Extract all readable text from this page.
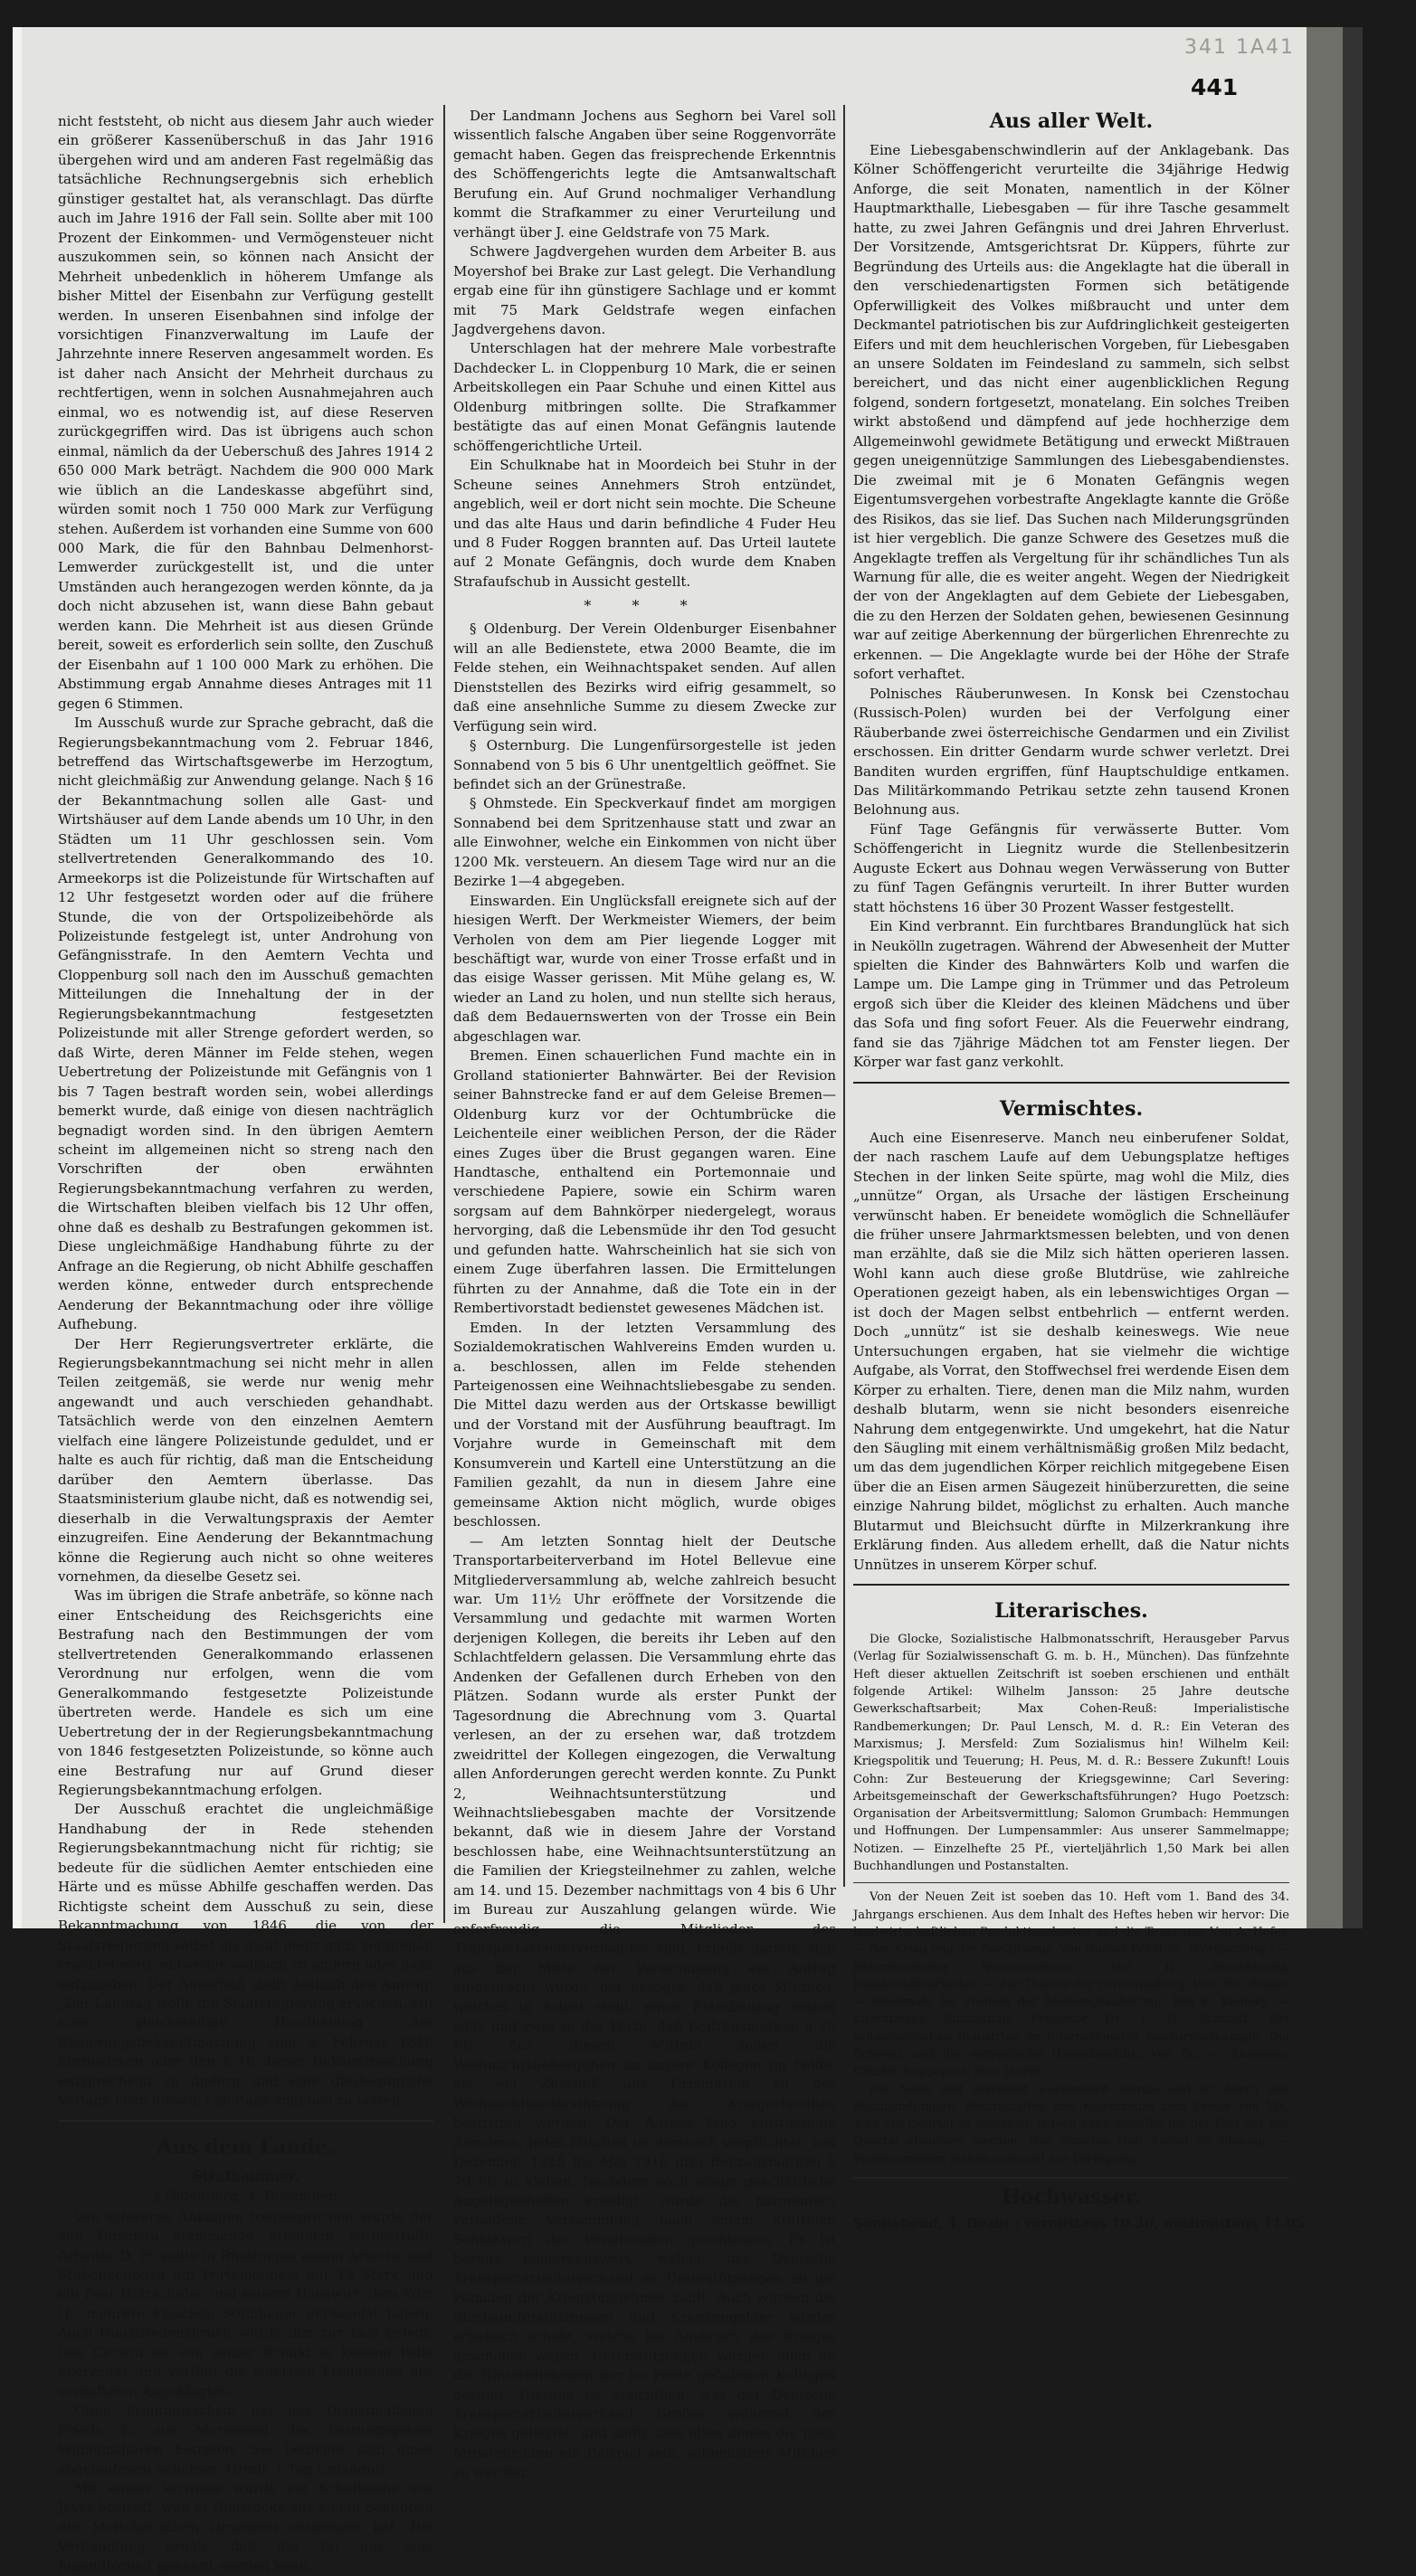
341 1A41
441

nicht feststeht, ob nicht aus diesem Jahr auch wieder ein größerer Kassenüberschuß in das Jahr 1916 übergehen wird und am anderen Fast regelmäßig das tatsächliche Rechnungsergebnis sich erheblich günstiger gestaltet hat, als veranschlagt. Das dürfte auch im Jahre 1916 der Fall sein. Sollte aber mit 100 Prozent der Einkommen- und Vermögensteuer nicht auszukommen sein, so können nach Ansicht der Mehrheit unbedenklich in höherem Umfange als bisher Mittel der Eisenbahn zur Verfügung gestellt werden. In unseren Eisenbahnen sind infolge der vorsichtigen Finanzverwaltung im Laufe der Jahrzehnte innere Reserven angesammelt worden. Es ist daher nach Ansicht der Mehrheit durchaus zu rechtfertigen, wenn in solchen Ausnahmejahren auch einmal, wo es notwendig ist, auf diese Reserven zurückgegriffen wird. Das ist übrigens auch schon einmal, nämlich da der Ueberschuß des Jahres 1914 2 650 000 Mark beträgt. Nachdem die 900 000 Mark wie üblich an die Landeskasse abgeführt sind, würden somit noch 1 750 000 Mark zur Verfügung stehen. Außerdem ist vorhanden eine Summe von 600 000 Mark, die für den Bahnbau Delmenhorst-Lemwerder zurückgestellt ist, und die unter Umständen auch herangezogen werden könnte, da ja doch nicht abzusehen ist, wann diese Bahn gebaut werden kann. Die Mehrheit ist aus diesen Gründe bereit, soweit es erforderlich sein sollte, den Zuschuß der Eisenbahn auf 1 100 000 Mark zu erhöhen. Die Abstimmung ergab Annahme dieses Antrages mit 11 gegen 6 Stimmen.

Im Ausschuß wurde zur Sprache gebracht, daß die Regierungsbekanntmachung vom 2. Februar 1846, betreffend das Wirtschaftsgewerbe im Herzogtum, nicht gleichmäßig zur Anwendung gelange. Nach § 16 der Bekanntmachung sollen alle Gast- und Wirtshäuser auf dem Lande abends um 10 Uhr, in den Städten um 11 Uhr geschlossen sein. Vom stellvertretenden Generalkommando des 10. Armeekorps ist die Polizeistunde für Wirtschaften auf 12 Uhr festgesetzt worden oder auf die frühere Stunde, die von der Ortspolizeibehörde als Polizeistunde festgelegt ist, unter Androhung von Gefängnisstrafe. In den Aemtern Vechta und Cloppenburg soll nach den im Ausschuß gemachten Mitteilungen die Innehaltung der in der Regierungsbekanntmachung festgesetzten Polizeistunde mit aller Strenge gefordert werden, so daß Wirte, deren Männer im Felde stehen, wegen Uebertretung der Polizeistunde mit Gefängnis von 1 bis 7 Tagen bestraft worden sein, wobei allerdings bemerkt wurde, daß einige von diesen nachträglich begnadigt worden sind. In den übrigen Aemtern scheint im allgemeinen nicht so streng nach den Vorschriften der oben erwähnten Regierungsbekanntmachung verfahren zu werden, die Wirtschaften bleiben vielfach bis 12 Uhr offen, ohne daß es deshalb zu Bestrafungen gekommen ist. Diese ungleichmäßige Handhabung führte zu der Anfrage an die Regierung, ob nicht Abhilfe geschaffen werden könne, entweder durch entsprechende Aenderung der Bekanntmachung oder ihre völlige Aufhebung.

Der Herr Regierungsvertreter erklärte, die Regierungsbekanntmachung sei nicht mehr in allen Teilen zeitgemäß, sie werde nur wenig mehr angewandt und auch verschieden gehandhabt. Tatsächlich werde von den einzelnen Aemtern vielfach eine längere Polizeistunde geduldet, und er halte es auch für richtig, daß man die Entscheidung darüber den Aemtern überlasse. Das Staatsministerium glaube nicht, daß es notwendig sei, dieserhalb in die Verwaltungspraxis der Aemter einzugreifen. Eine Aenderung der Bekanntmachung könne die Regierung auch nicht so ohne weiteres vornehmen, da dieselbe Gesetz sei.

Was im übrigen die Strafe anbeträfe, so könne nach einer Entscheidung des Reichsgerichts eine Bestrafung nach den Bestimmungen der vom stellvertretenden Generalkommando erlassenen Verordnung nur erfolgen, wenn die vom Generalkommando festgesetzte Polizeistunde übertreten werde. Handele es sich um eine Uebertretung der in der Regierungsbekanntmachung von 1846 festgesetzten Polizeistunde, so könne auch eine Bestrafung nur auf Grund dieser Regierungsbekanntmachung erfolgen.

Der Ausschuß erachtet die ungleichmäßige Handhabung der in Rede stehenden Regierungsbekanntmachung nicht für richtig; sie bedeute für die südlichen Aemter entschieden eine Härte und es müsse Abhilfe geschaffen werden. Das Richtigste scheint dem Ausschuß zu sein, diese Bekanntmachung von 1846, die von der Staatsregierung selbst als nicht mehr ganz zeitgemäß erachtet wird, entweder sogleich zu ändern oder ganz aufzuheben. Der Ausschuß stellt deshalb den Antrag: „Der Landtag wolle die Staatsregierung ersuchen, auf eine gleichmäßige Handhabung der Regierungsbekanntmachung vom 2. Februar 1846 hinzuwirken oder den § 16 dieser Bekanntmachung entsprechend zu ändern und eine diesbezügliche Vorlage noch diesem Landtage zugehen zu lassen.“

Aus dem Lande.
Strafkammer.
§ Oldenburg, 1. Dezember.

Von schweren Anklagen freigesprochen wurde der aus Dirschau stammende erheblich vorbestrafte Arbeiter D. Er sollte in Rüstringen einem Arbeits- und Stubenkollegen ein Portemonnaie mit 15 Mark und ein Paar Holzschuhe, und seinem Hauswirt, dem Wirt H., mehrere Flaschen Steinhäger entwendet haben. Auch Hausfriedensbruch wurde ihm zur Last gelegt. Das Gericht ist von seiner Schuld in keinem Falle überzeugt und verfügt die sofortige Freilassung des verhafteten Angeklagten.

Ohne Erlaubnisschein hat das Dienstmädchen Frieda K. aus Mariensiel das Festungsgebiet Wilhelmshaven betreten. Sie bediente sich eines abgelaufenen Scheines. Urteil: 1 Tag Gefängnis.

Mit einem Verweise wurde ein Schulknabe aus Jever bestraft, weil er Bleistücke aus einem Schuppen der Mettcker'schen Druckerei entwendet hat. Die Verhandlung ergab, daß die Tat nur eine Jugendtorheit genannt werden kann.

Der Landmann Jochens aus Seghorn bei Varel soll wissentlich falsche Angaben über seine Roggenvorräte gemacht haben. Gegen das freisprechende Erkenntnis des Schöffengerichts legte die Amtsanwaltschaft Berufung ein. Auf Grund nochmaliger Verhandlung kommt die Strafkammer zu einer Verurteilung und verhängt über J. eine Geldstrafe von 75 Mark.

Schwere Jagdvergehen wurden dem Arbeiter B. aus Moyershof bei Brake zur Last gelegt. Die Verhandlung ergab eine für ihn günstigere Sachlage und er kommt mit 75 Mark Geldstrafe wegen einfachen Jagdvergehens davon.

Unterschlagen hat der mehrere Male vorbestrafte Dachdecker L. in Cloppenburg 10 Mark, die er seinen Arbeitskollegen ein Paar Schuhe und einen Kittel aus Oldenburg mitbringen sollte. Die Strafkammer bestätigte das auf einen Monat Gefängnis lautende schöffengerichtliche Urteil.

Ein Schulknabe hat in Moordeich bei Stuhr in der Scheune seines Annehmers Stroh entzündet, angeblich, weil er dort nicht sein mochte. Die Scheune und das alte Haus und darin befindliche 4 Fuder Heu und 8 Fuder Roggen brannten auf. Das Urteil lautete auf 2 Monate Gefängnis, doch wurde dem Knaben Strafaufschub in Aussicht gestellt.

* * *

§ Oldenburg. Der Verein Oldenburger Eisenbahner will an alle Bedienstete, etwa 2000 Beamte, die im Felde stehen, ein Weihnachtspaket senden. Auf allen Dienststellen des Bezirks wird eifrig gesammelt, so daß eine ansehnliche Summe zu diesem Zwecke zur Verfügung sein wird.

§ Osternburg. Die Lungenfürsorgestelle ist jeden Sonnabend von 5 bis 6 Uhr unentgeltlich geöffnet. Sie befindet sich an der Grünestraße.

§ Ohmstede. Ein Speckverkauf findet am morgigen Sonnabend bei dem Spritzenhause statt und zwar an alle Einwohner, welche ein Einkommen von nicht über 1200 Mk. versteuern. An diesem Tage wird nur an die Bezirke 1—4 abgegeben.

Einswarden. Ein Unglücksfall ereignete sich auf der hiesigen Werft. Der Werkmeister Wiemers, der beim Verholen von dem am Pier liegende Logger mit beschäftigt war, wurde von einer Trosse erfaßt und in das eisige Wasser gerissen. Mit Mühe gelang es, W. wieder an Land zu holen, und nun stellte sich heraus, daß dem Bedauernswerten von der Trosse ein Bein abgeschlagen war.

Bremen. Einen schauerlichen Fund machte ein in Grolland stationierter Bahnwärter. Bei der Revision seiner Bahnstrecke fand er auf dem Geleise Bremen—Oldenburg kurz vor der Ochtumbrücke die Leichenteile einer weiblichen Person, der die Räder eines Zuges über die Brust gegangen waren. Eine Handtasche, enthaltend ein Portemonnaie und verschiedene Papiere, sowie ein Schirm waren sorgsam auf dem Bahnkörper niedergelegt, woraus hervorging, daß die Lebensmüde ihr den Tod gesucht und gefunden hatte. Wahrscheinlich hat sie sich von einem Zuge überfahren lassen. Die Ermittelungen führten zu der Annahme, daß die Tote ein in der Rembertivorstadt bedienstet gewesenes Mädchen ist.

Emden. In der letzten Versammlung des Sozialdemokratischen Wahlvereins Emden wurden u. a. beschlossen, allen im Felde stehenden Parteigenossen eine Weihnachtsliebesgabe zu senden. Die Mittel dazu werden aus der Ortskasse bewilligt und der Vorstand mit der Ausführung beauftragt. Im Vorjahre wurde in Gemeinschaft mit dem Konsumverein und Kartell eine Unterstützung an die Familien gezahlt, da nun in diesem Jahre eine gemeinsame Aktion nicht möglich, wurde obiges beschlossen.

— Am letzten Sonntag hielt der Deutsche Transportarbeiterverband im Hotel Bellevue eine Mitgliederversammlung ab, welche zahlreich besucht war. Um 11½ Uhr eröffnete der Vorsitzende die Versammlung und gedachte mit warmen Worten derjenigen Kollegen, die bereits ihr Leben auf den Schlachtfeldern gelassen. Die Versammlung ehrte das Andenken der Gefallenen durch Erheben von den Plätzen. Sodann wurde als erster Punkt der Tagesordnung die Abrechnung vom 3. Quartal verlesen, an der zu ersehen war, daß trotzdem zweidrittel der Kollegen eingezogen, die Verwaltung allen Anforderungen gerecht werden konnte. Zu Punkt 2, Weihnachtsunterstützung und Weihnachtsliebesgaben machte der Vorsitzende bekannt, daß wie in diesem Jahre der Vorstand beschlossen habe, eine Weihnachtsunterstützung an die Familien der Kriegsteilnehmer zu zahlen, welche am 14. und 15. Dezember nachmittags von 4 bis 6 Uhr im Bureau zur Auszahlung gelangen würde. Wie opferfreudig die Mitglieder des Transportarbeiterverbandes sind, erhellt daraus, daß aus der Mitte der Versammlung ein Antrag eingebracht wurde, der besagte, daß jedes Mitglied, welches in Arbeit steht, einen Extrabeitrag leisten solle und zwar in der Form, daß Beitragsmarken à 70 Pf. Aus diesen Mitteln sollen die Weihnachtsliebesgaben an unsere Kollegen im Felde, als ein Zuschuß aus Ortsmitteln zu der Weihnachtsunterstützung der Kriegerfamilien bestritten werden. Der Antrag fand einstimmige Annahme. Jedes Mitglied ist demnach verpflichtet, von Dezember 1915 bis Mai 1916 drei Beitragsmarken à 70 Pf. zu kleben. Nachdem noch einige geschäftliche Angelegenheiten erledigt, wurde die harmonisch verlaufene Versammlung nach einem kräftigen Schlußwort des Vorsitzenden geschlossen. Es ist bereits bemerkenswert, welche der Deutsche Transportarbeiterverband an Unterstützungen an die Familien der Kriegsteilnehmer zahlt. Auch wurden die Sterbeunterstützungen und Krankengelder wieder erheblich erhöht, welche bis Ausbruch des Krieges geschoben waren. Unterstützungen wurden auch an die Hinterbliebenen der im Felde gefallenen Kollegen gezahlt. Hieraus ist ersichtlich, was der Deutsche Transportarbeiterverband Großes während des Krieges geleistet, und sollte dies allen denen die noch fernstehenden ein Beispiel sein, schnellstens Mitglied zu werden.

Aus aller Welt.

Eine Liebesgabenschwindlerin auf der Anklagebank. Das Kölner Schöffengericht verurteilte die 34jährige Hedwig Anforge, die seit Monaten, namentlich in der Kölner Hauptmarkthalle, Liebesgaben — für ihre Tasche gesammelt hatte, zu zwei Jahren Gefängnis und drei Jahren Ehrverlust. Der Vorsitzende, Amtsgerichtsrat Dr. Küppers, führte zur Begründung des Urteils aus: die Angeklagte hat die überall in den verschiedenartigsten Formen sich betätigende Opferwilligkeit des Volkes mißbraucht und unter dem Deckmantel patriotischen bis zur Aufdringlichkeit gesteigerten Eifers und mit dem heuchlerischen Vorgeben, für Liebesgaben an unsere Soldaten im Feindesland zu sammeln, sich selbst bereichert, und das nicht einer augenblicklichen Regung folgend, sondern fortgesetzt, monatelang. Ein solches Treiben wirkt abstoßend und dämpfend auf jede hochherzige dem Allgemeinwohl gewidmete Betätigung und erweckt Mißtrauen gegen uneigennützige Sammlungen des Liebesgabendienstes. Die zweimal mit je 6 Monaten Gefängnis wegen Eigentumsvergehen vorbestrafte Angeklagte kannte die Größe des Risikos, das sie lief. Das Suchen nach Milderungsgründen ist hier vergeblich. Die ganze Schwere des Gesetzes muß die Angeklagte treffen als Vergeltung für ihr schändliches Tun als Warnung für alle, die es weiter angeht. Wegen der Niedrigkeit der von der Angeklagten auf dem Gebiete der Liebesgaben, die zu den Herzen der Soldaten gehen, bewiesenen Gesinnung war auf zeitige Aberkennung der bürgerlichen Ehrenrechte zu erkennen. — Die Angeklagte wurde bei der Höhe der Strafe sofort verhaftet.

Polnisches Räuberunwesen. In Konsk bei Czenstochau (Russisch-Polen) wurden bei der Verfolgung einer Räuberbande zwei österreichische Gendarmen und ein Zivilist erschossen. Ein dritter Gendarm wurde schwer verletzt. Drei Banditen wurden ergriffen, fünf Hauptschuldige entkamen. Das Militärkommando Petrikau setzte zehn tausend Kronen Belohnung aus.

Fünf Tage Gefängnis für verwässerte Butter. Vom Schöffengericht in Liegnitz wurde die Stellenbesitzerin Auguste Eckert aus Dohnau wegen Verwässerung von Butter zu fünf Tagen Gefängnis verurteilt. In ihrer Butter wurden statt höchstens 16 über 30 Prozent Wasser festgestellt.

Ein Kind verbrannt. Ein furchtbares Brandunglück hat sich in Neukölln zugetragen. Während der Abwesenheit der Mutter spielten die Kinder des Bahnwärters Kolb und warfen die Lampe um. Die Lampe ging in Trümmer und das Petroleum ergoß sich über die Kleider des kleinen Mädchens und über das Sofa und fing sofort Feuer. Als die Feuerwehr eindrang, fand sie das 7jährige Mädchen tot am Fenster liegen. Der Körper war fast ganz verkohlt.

Vermischtes.

Auch eine Eisenreserve. Manch neu einberufener Soldat, der nach raschem Laufe auf dem Uebungsplatze heftiges Stechen in der linken Seite spürte, mag wohl die Milz, dies „unnütze“ Organ, als Ursache der lästigen Erscheinung verwünscht haben. Er beneidete womöglich die Schnelläufer die früher unsere Jahrmarktsmessen belebten, und von denen man erzählte, daß sie die Milz sich hätten operieren lassen. Wohl kann auch diese große Blutdrüse, wie zahlreiche Operationen gezeigt haben, als ein lebenswichtiges Organ — ist doch der Magen selbst entbehrlich — entfernt werden. Doch „unnütz“ ist sie deshalb keineswegs. Wie neue Untersuchungen ergaben, hat sie vielmehr die wichtige Aufgabe, als Vorrat, den Stoffwechsel frei werdende Eisen dem Körper zu erhalten. Tiere, denen man die Milz nahm, wurden deshalb blutarm, wenn sie nicht besonders eisenreiche Nahrung dem entgegenwirkte. Und umgekehrt, hat die Natur den Säugling mit einem verhältnismäßig großen Milz bedacht, um das dem jugendlichen Körper reichlich mitgegebene Eisen über die an Eisen armen Säugezeit hinüberzuretten, die seine einzige Nahrung bildet, möglichst zu erhalten. Auch manche Blutarmut und Bleichsucht dürfte in Milzerkrankung ihre Erklärung finden. Aus alledem erhellt, daß die Natur nichts Unnützes in unserem Körper schuf.

Literarisches.

Die Glocke, Sozialistische Halbmonatsschrift, Herausgeber Parvus (Verlag für Sozialwissenschaft G. m. b. H., München). Das fünfzehnte Heft dieser aktuellen Zeitschrift ist soeben erschienen und enthält folgende Artikel: Wilhelm Jansson: 25 Jahre deutsche Gewerkschaftsarbeit; Max Cohen-Reuß: Imperialistische Randbemerkungen; Dr. Paul Lensch, M. d. R.: Ein Veteran des Marxismus; J. Mersfeld: Zum Sozialismus hin! Wilhelm Keil: Kriegspolitik und Teuerung; H. Peus, M. d. R.: Bessere Zukunft! Louis Cohn: Zur Besteuerung der Kriegsgewinne; Carl Severing: Arbeitsgemeinschaft der Gewerkschaftsführungen? Hugo Poetzsch: Organisation der Arbeitsvermittlung; Salomon Grumbach: Hemmungen und Hoffnungen. Der Lumpensammler: Aus unserer Sammelmappe; Notizen. — Einzelhefte 25 Pf., vierteljährlich 1,50 Mark bei allen Buchhandlungen und Postanstalten.

Von der Neuen Zeit ist soeben das 10. Heft vom 1. Band des 34. Jahrgangs erschienen. Aus dem Inhalt des Heftes heben wir hervor: Die landwirtschaftlichen Produktionskosten und die Teuerung. Von A. Hofer. — Der Krieg und der Sozialismus. Von Gustav Eckstein. (Fortsetzung.) — Reformistischer Neusozialismus. Von H. Beyschwang, Handelshilfsarbeiter. — Zur Theorie der Parteispaltung. Von Otto Braun. — Nochmals die Freiheit der Meinungsäußerung. Von K. Kautsky. — Literarische Rundschau: Professor Dr. P. H. Schmidt, Die schweizerischen Industrien im internationalen Konkurrenzkampfe. Die Schweiz und die europäische Handelspolitik. Von Sp. — Anzeigen: Charles Rappoport, Jean Jaurès.

Die Neue Zeit erscheint wöchentlich einmal und ist durch alle Buchhandlungen, Postanstalten und Kolporteure zum Preise von Mk. 3,25 pro Quartal zu beziehen; jedoch kann dieselbe bei der Post nur pro Quartal abonniert werden. Das einzelne Heft kostet 25 Pfennig. — Probenummern stehen jederzeit zur Verfügung.

Hochwasser.
Sonnabend, 4. Dezbr.: vormittags 10.30, nachmittags 11.05
